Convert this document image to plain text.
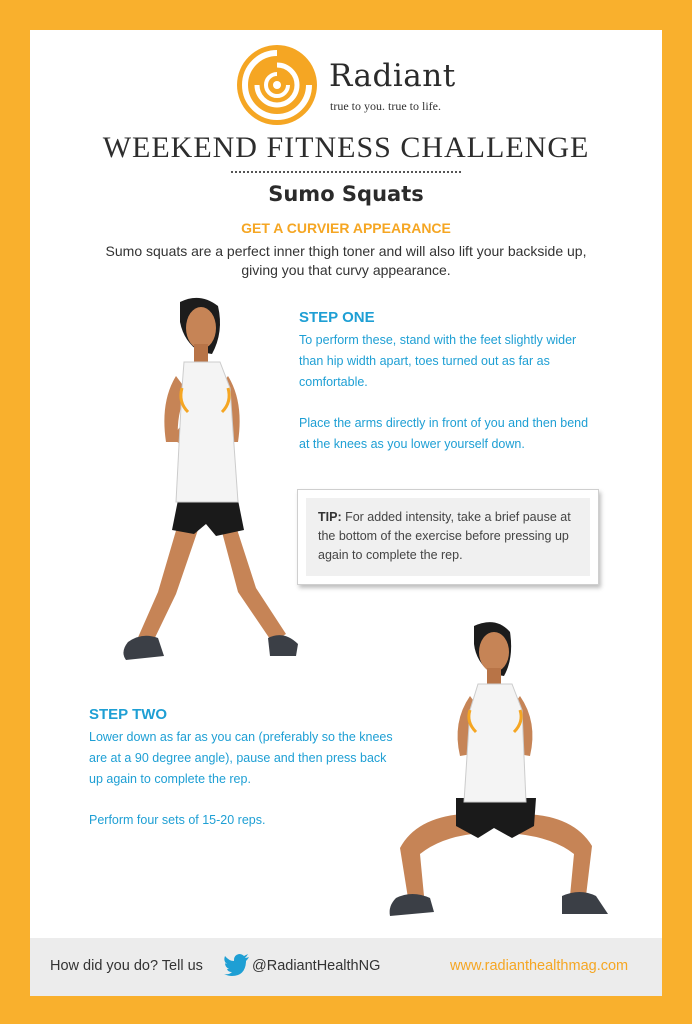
Radiant
true to you. true to life.
WEEKEND FITNESS CHALLENGE
Sumo Squats
GET A CURVIER APPEARANCE
Sumo squats are a perfect inner thigh toner and will also lift your backside up, giving you that curvy appearance.
STEP ONE

To perform these, stand with the feet slightly wider than hip width apart, toes turned out as far as comfortable.

Place the arms directly in front of you and then bend at the knees as you lower yourself down.

TIP: For added intensity, take a brief pause at the bottom of the exercise before pressing up again to complete the rep.
STEP TWO

Lower down as far as you can (preferably so the knees are at a 90 degree angle), pause and then press back up again to complete the rep.

Perform four sets of 15-20 reps.

How did you do? Tell us	@RadiantHealthNG	www.radianthealthmag.com
